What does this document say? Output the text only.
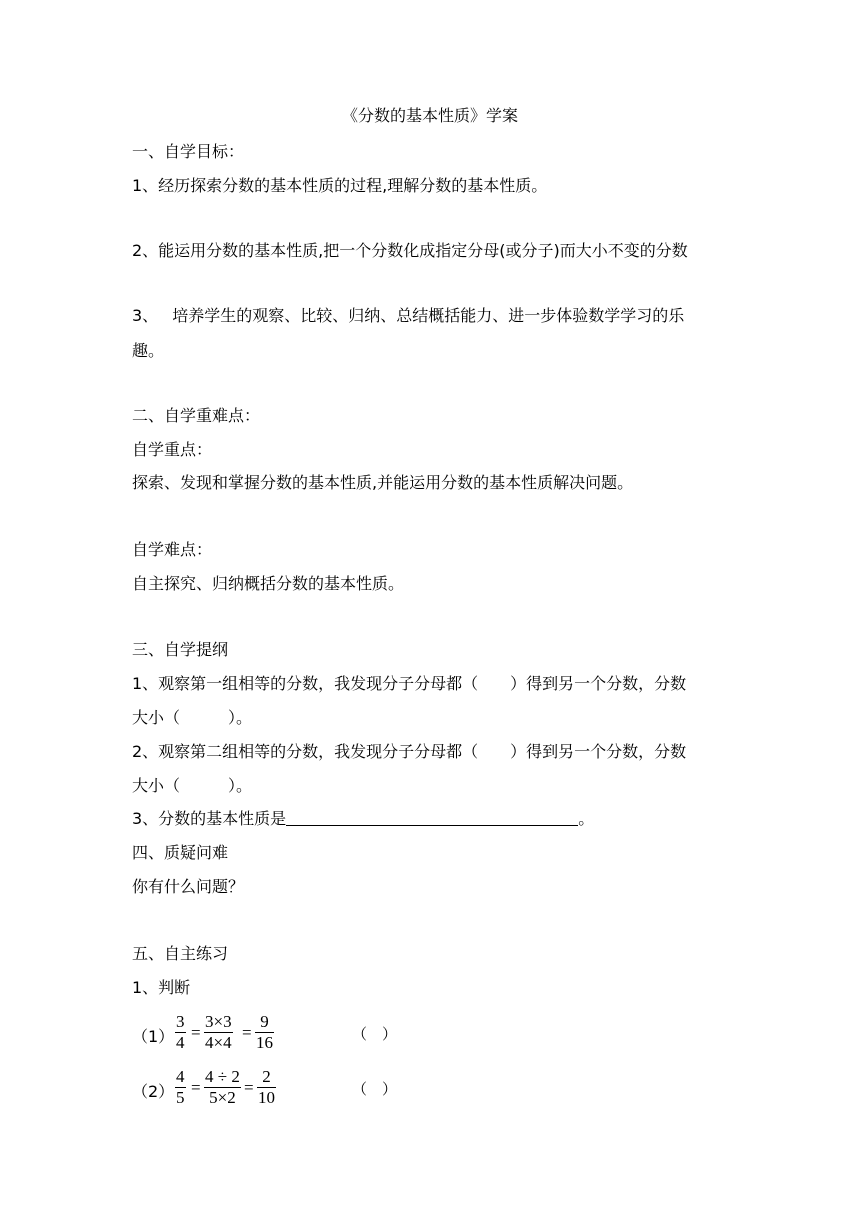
《分数的基本性质》学案
一、自学目标：
1、经历探索分数的基本性质的过程,理解分数的基本性质。
2、能运用分数的基本性质,把一个分数化成指定分母(或分子)而大小不变的分数
3、 培养学生的观察、比较、归纳、总结概括能力、进一步体验数学学习的乐
趣。
二、自学重难点：
自学重点：
探索、发现和掌握分数的基本性质,并能运用分数的基本性质解决问题。
自学难点：
自主探究、归纳概括分数的基本性质。
三、自学提纲
1、观察第一组相等的分数，我发现分子分母都（　　）得到另一个分数，分数
大小（　　　）。
2、观察第二组相等的分数，我发现分子分母都（　　）得到另一个分数，分数
大小（　　　）。
3、分数的基本性质是	。
四、质疑问难
你有什么问题？
五、自主练习
1、判断
$(1) \frac{3}{4} = \frac{3\times 3}{4\times 4} = \frac{9}{16}$	（　）
$(2) \frac{4}{5} = \frac{4 \div 2}{5\times 2} = \frac{2}{10}$	（　）
